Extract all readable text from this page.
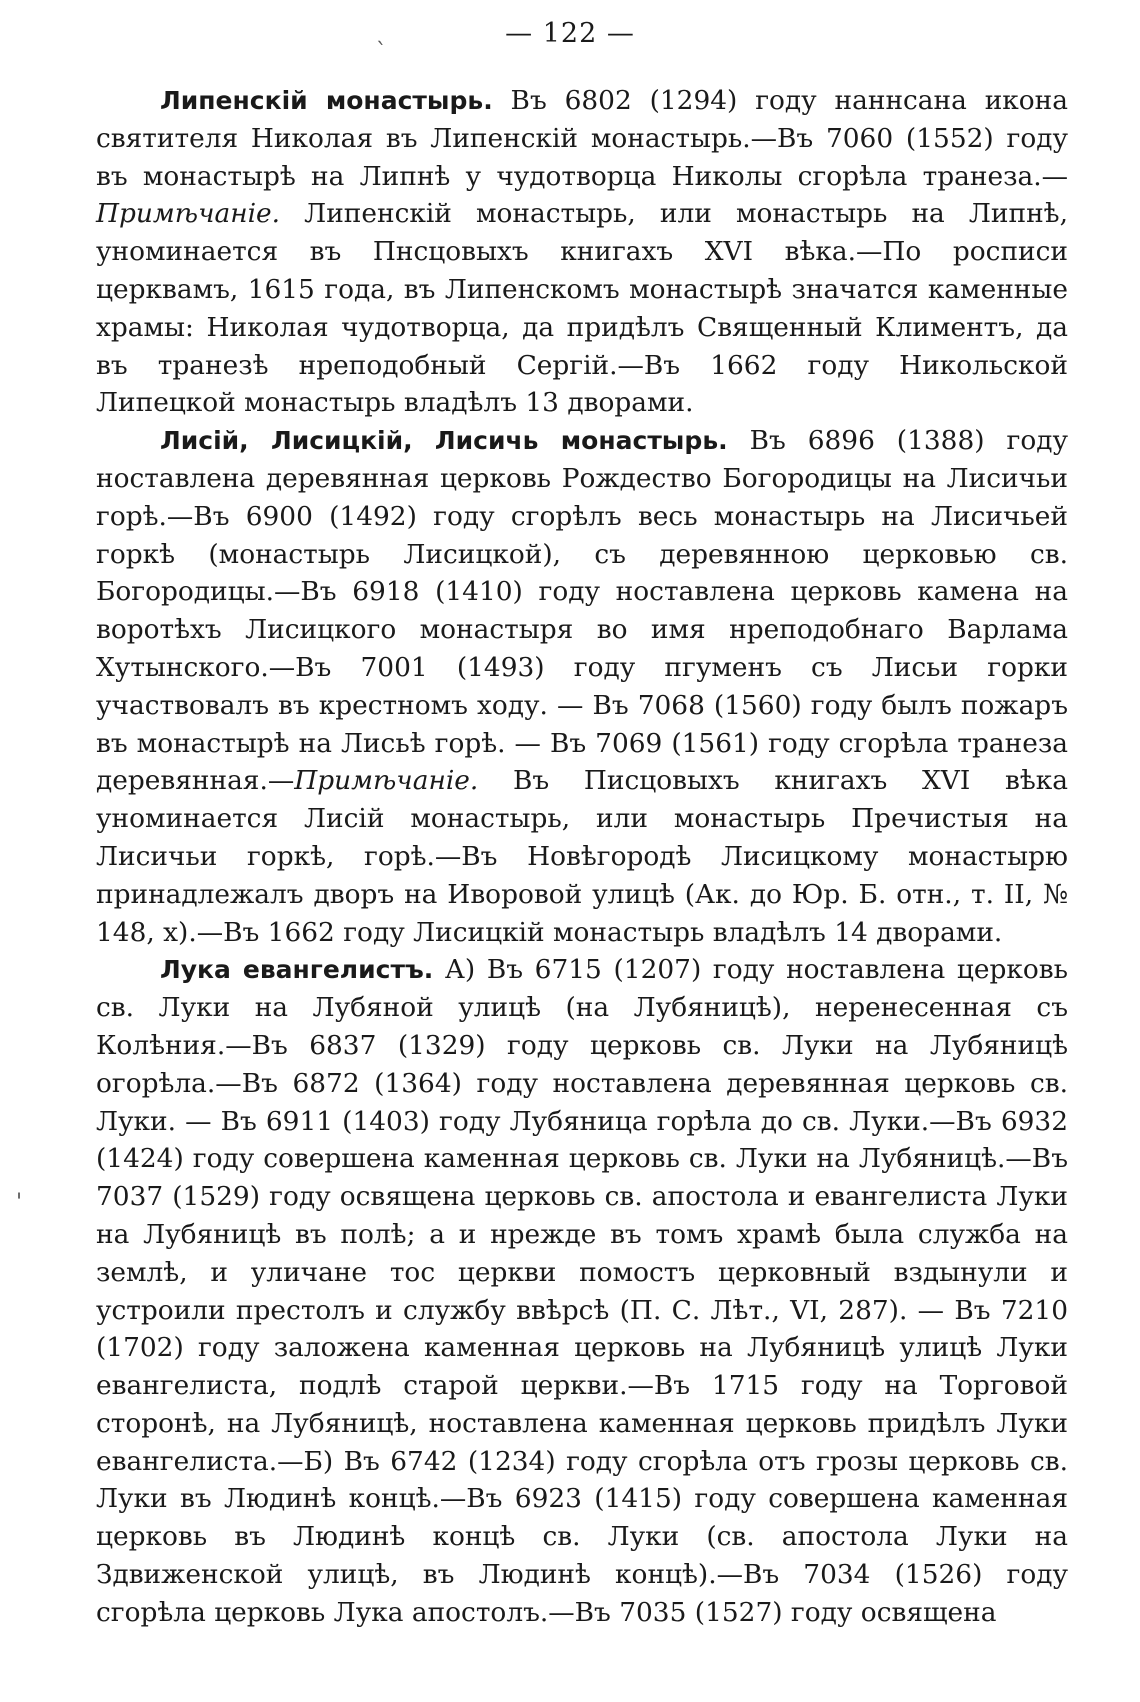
— 122 —
`
'

Липенскій монастырь. Въ 6802 (1294) году наннсана икона святителя Николая въ Липенскій монастырь.—Въ 7060 (1552) году въ монастырѣ на Липнѣ у чудотворца Николы сгорѣла транеза.—Примѣчаніе. Липенскій монастырь, или монастырь на Липнѣ, уноминается въ Пнсцовыхъ книгахъ XVI вѣка.—По росписи церквамъ, 1615 года, въ Липенскомъ монастырѣ значатся каменные храмы: Николая чудотворца, да придѣлъ Священный Климентъ, да въ транезѣ нреподобный Сергій.—Въ 1662 году Никольской Липецкой монастырь владѣлъ 13 дворами.

Лисій, Лисицкій, Лисичь монастырь. Въ 6896 (1388) году ноставлена деревянная церковь Рождество Богородицы на Лисичьи горѣ.—Въ 6900 (1492) году сгорѣлъ весь монастырь на Лисичьей горкѣ (монастырь Лисицкой), съ деревянною церковью св. Богородицы.—Въ 6918 (1410) году ноставлена церковь камена на воротѣхъ Лисицкого монастыря во имя нреподобнаго Варлама Хутынского.—Въ 7001 (1493) году пгуменъ съ Лисьи горки участвовалъ въ крестномъ ходу. — Въ 7068 (1560) году былъ пожаръ въ монастырѣ на Лисьѣ горѣ. — Въ 7069 (1561) году сгорѣла транеза деревянная.—Примѣчаніе. Въ Писцовыхъ книгахъ XVI вѣка уноминается Лисій монастырь, или монастырь Пречистыя на Лисичьи горкѣ, горѣ.—Въ Новѣгородѣ Лисицкому монастырю принадлежалъ дворъ на Иворовой улицѣ (Ак. до Юр. Б. отн., т. II, № 148, х).—Въ 1662 году Лисицкій монастырь владѣлъ 14 дворами.

Лука евангелистъ. А) Въ 6715 (1207) году ноставлена церковь св. Луки на Лубяной улицѣ (на Лубяницѣ), неренесенная съ Колѣния.—Въ 6837 (1329) году церковь св. Луки на Лубяницѣ огорѣла.—Въ 6872 (1364) году ноставлена деревянная церковь св. Луки. — Въ 6911 (1403) году Лубяница горѣла до св. Луки.—Въ 6932 (1424) году совершена каменная церковь св. Луки на Лубяницѣ.—Въ 7037 (1529) году освящена церковь св. апостола и евангелиста Луки на Лубяницѣ въ полѣ; а и нрежде въ томъ храмѣ была служба на землѣ, и уличане тос церкви помостъ церковный вздынули и устроили престолъ и службу ввѣрсѣ (П. С. Лѣт., VI, 287). — Въ 7210 (1702) году заложена каменная церковь на Лубяницѣ улицѣ Луки евангелиста, подлѣ старой церкви.—Въ 1715 году на Торговой сторонѣ, на Лубяницѣ, ноставлена каменная церковь придѣлъ Луки евангелиста.—Б) Въ 6742 (1234) году сгорѣла отъ грозы церковь св. Луки въ Людинѣ концѣ.—Въ 6923 (1415) году совершена каменная церковь въ Людинѣ концѣ св. Луки (св. апостола Луки на Здвиженской улицѣ, въ Людинѣ концѣ).—Въ 7034 (1526) году сгорѣла церковь Лука апостолъ.—Въ 7035 (1527) году освящена
